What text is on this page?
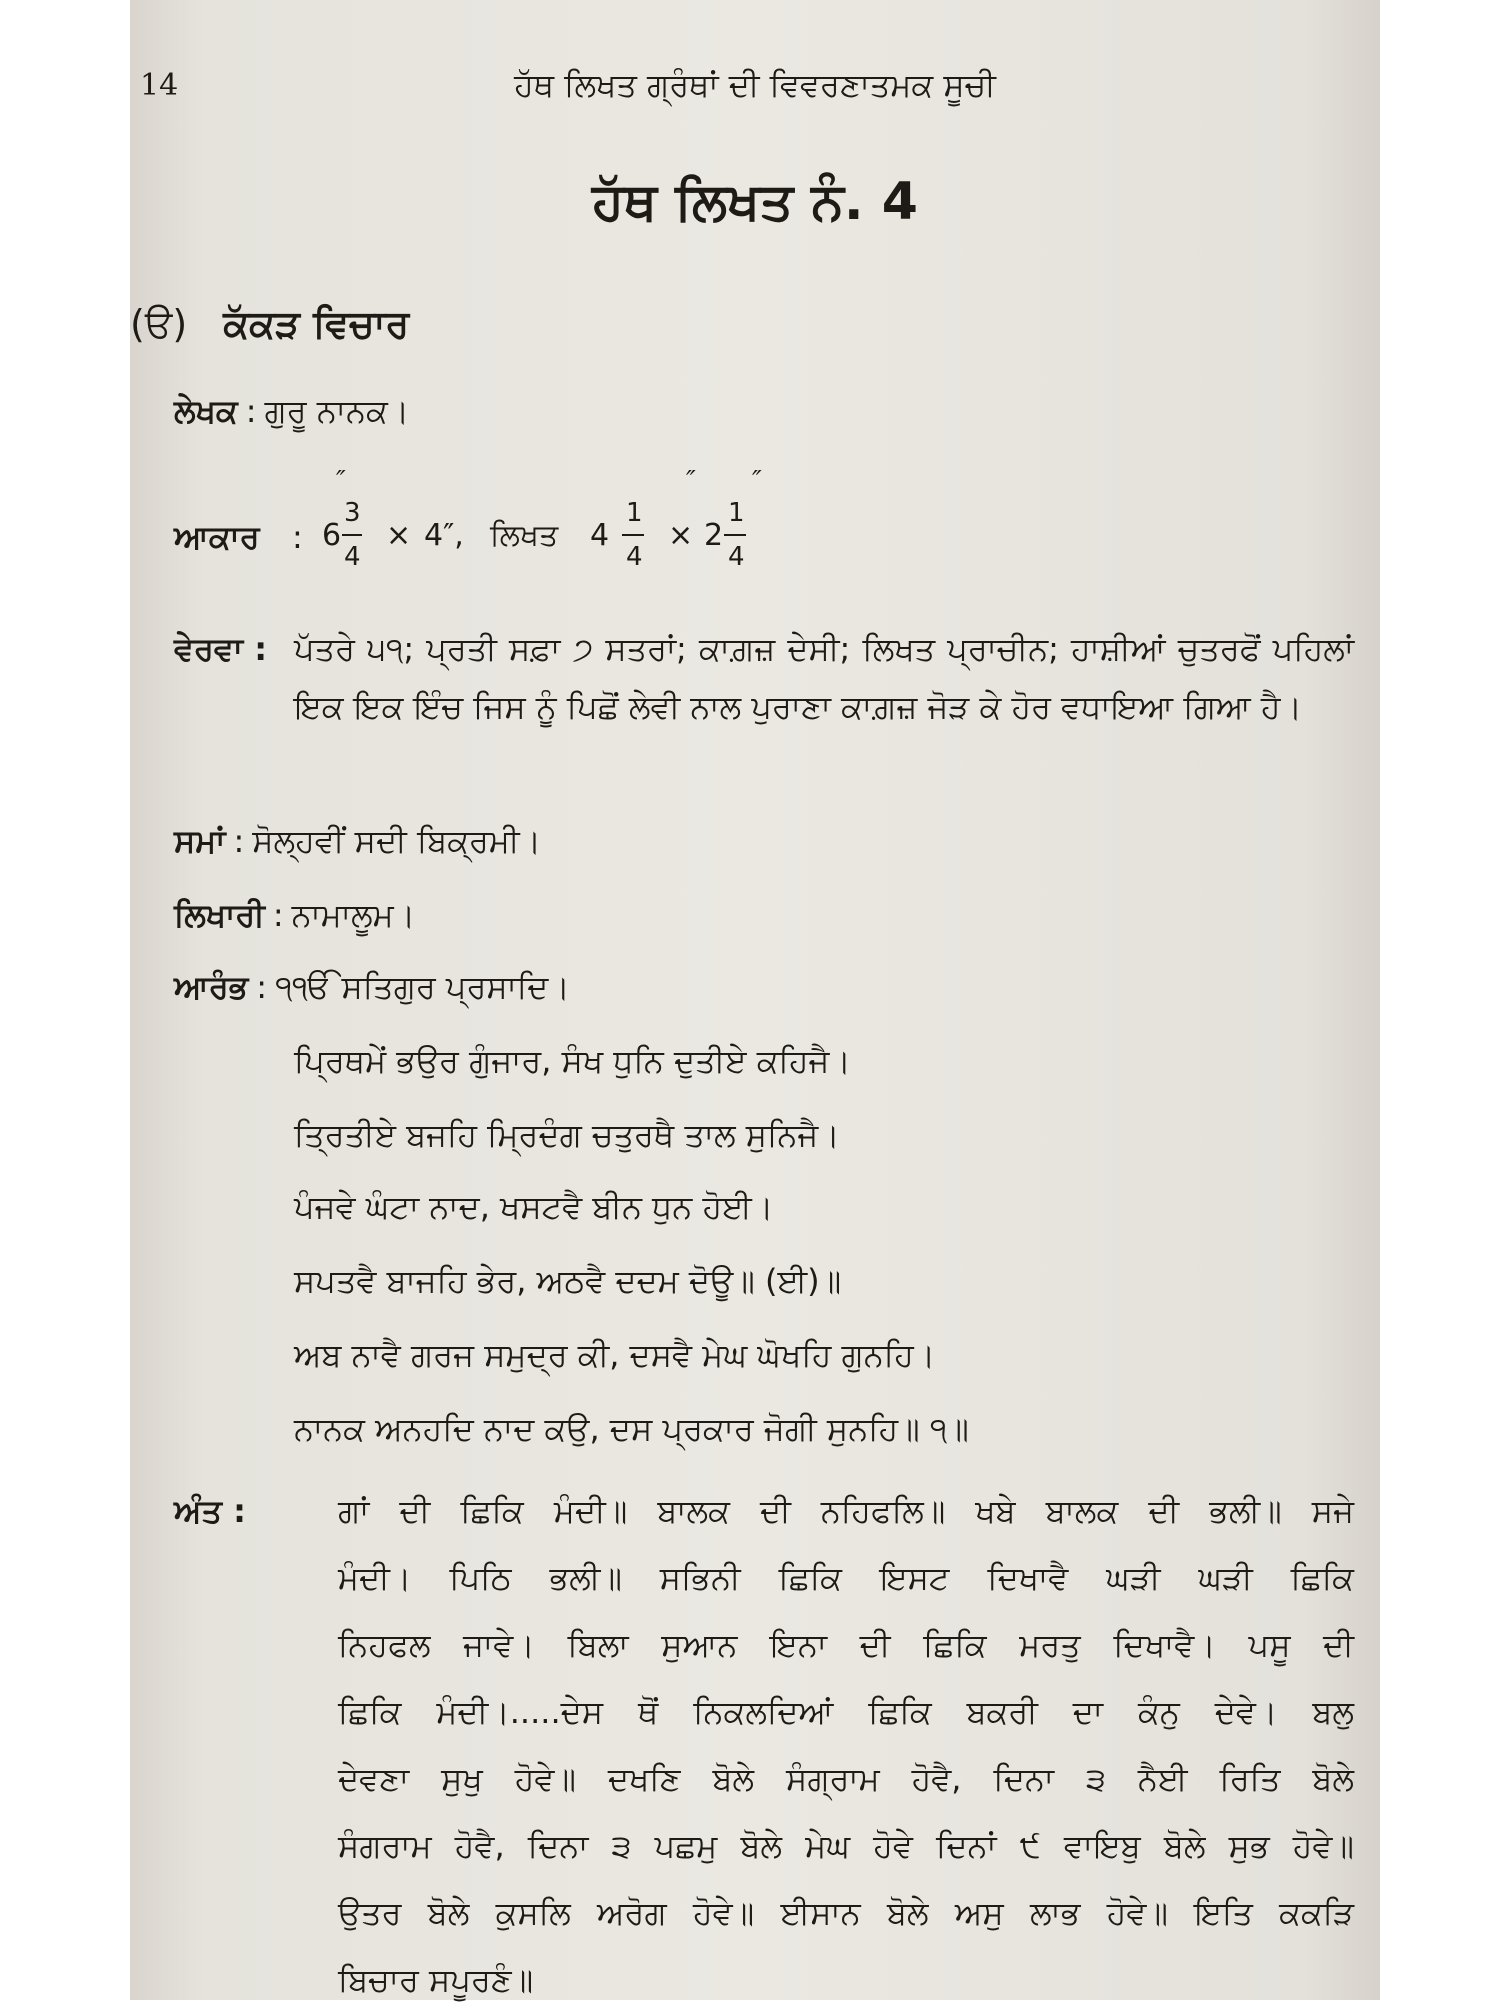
14	ਹੱਥ ਲਿਖਤ ਗ੍ਰੰਥਾਂ ਦੀ ਵਿਵਰਣਾਤਮਕ ਸੂਚੀ
ਹੱਥ ਲਿਖਤ ਨੰ. 4
(ੳ) ਕੱਕੜ ਵਿਚਾਰ
ਲੇਖਕ : ਗੁਰੂ ਨਾਨਕ।
ਆਕਾਰ : 6
3
4
″
× 4″, ਲਿਖਤ 4
1
4
″
× 2
1
4
″
ਵੇਰਵਾ : ਪੱਤਰੇ ੫੧; ਪ੍ਰਤੀ ਸਫ਼ਾ ੭ ਸਤਰਾਂ; ਕਾਗ਼ਜ਼ ਦੇਸੀ; ਲਿਖਤ ਪ੍ਰਾਚੀਨ; ਹਾਸ਼ੀਆਂ ਚੁਤਰਫੋਂ ਪਹਿਲਾਂ ਇਕ ਇਕ ਇੰਚ ਜਿਸ ਨੂੰ ਪਿਛੋਂ ਲੇਵੀ ਨਾਲ ਪੁਰਾਣਾ ਕਾਗ਼ਜ਼ ਜੋੜ ਕੇ ਹੋਰ ਵਧਾਇਆ ਗਿਆ ਹੈ।
ਸਮਾਂ : ਸੋਲ੍ਹਵੀਂ ਸਦੀ ਬਿਕ੍ਰਮੀ।
ਲਿਖਾਰੀ : ਨਾਮਾਲੂਮ।
ਆਰੰਭ : ੧ੴ ਸਤਿਗੁਰ ਪ੍ਰਸਾਦਿ।
ਪ੍ਰਿਥਮੇਂ ਭਉਰ ਗੁੰਜਾਰ, ਸੰਖ ਧੁਨਿ ਦੁਤੀਏ ਕਹਿਜੈ।
ਤ੍ਰਿਤੀਏ ਬਜਹਿ ਮ੍ਰਿਦੰਗ ਚਤੁਰਥੈ ਤਾਲ ਸੁਨਿਜੈ।
ਪੰਜਵੇ ਘੰਟਾ ਨਾਦ, ਖਸਟਵੈ ਬੀਨ ਧੁਨ ਹੋਈ।
ਸਪਤਵੈ ਬਾਜਹਿ ਭੇਰ, ਅਠਵੈ ਦਦਮ ਦੋਊ॥ (ਈ)॥
ਅਬ ਨਾਵੈ ਗਰਜ ਸਮੁਦ੍ਰ ਕੀ, ਦਸਵੈ ਮੇਘ ਘੋਖਹਿ ਗੁਨਹਿ।
ਨਾਨਕ ਅਨਹਦਿ ਨਾਦ ਕਉ, ਦਸ ਪ੍ਰਕਾਰ ਜੋਗੀ ਸੁਨਹਿ॥ ੧॥
ਅੰਤ :	ਗਾਂ ਦੀ ਛਿਕਿ ਮੰਦੀ॥ ਬਾਲਕ ਦੀ ਨਹਿਫਲਿ॥ ਖਬੇ ਬਾਲਕ ਦੀ ਭਲੀ॥ ਸਜੇ
ਮੰਦੀ। ਪਿਠਿ ਭਲੀ॥ ਸਭਿਨੀ ਛਿਕਿ ਇਸਟ ਦਿਖਾਵੈ ਘੜੀ ਘੜੀ ਛਿਕਿ
ਨਿਹਫਲ ਜਾਵੇ। ਬਿਲਾ ਸੁਆਨ ਇਨਾ ਦੀ ਛਿਕਿ ਮਰਤੁ ਦਿਖਾਵੈ। ਪਸੂ ਦੀ
ਛਿਕਿ ਮੰਦੀ।.....ਦੇਸ ਥੋਂ ਨਿਕਲਦਿਆਂ ਛਿਕਿ ਬਕਰੀ ਦਾ ਕੰਨੁ ਦੇਵੇ। ਬਲੁ
ਦੇਵਣਾ ਸੁਖੁ ਹੋਵੇ॥ ਦਖਣਿ ਬੋਲੇ ਸੰਗ੍ਰਾਮ ਹੋਵੈ, ਦਿਨਾ ੩ ਨੈਈ ਰਿਤਿ ਬੋਲੇ
ਸੰਗਰਾਮ ਹੋਵੈ, ਦਿਨਾ ੩ ਪਛਮੁ ਬੋਲੇ ਮੇਘ ਹੋਵੇ ਦਿਨਾਂ ੯ ਵਾਇਬੁ ਬੋਲੇ ਸੁਭ ਹੋਵੇ॥
ਉਤਰ ਬੋਲੇ ਕੁਸਲਿ ਅਰੋਗ ਹੋਵੇ॥ ਈਸਾਨ ਬੋਲੇ ਅਸੁ ਲਾਭ ਹੋਵੇ॥ ਇਤਿ ਕਕੜਿ
ਬਿਚਾਰ ਸਪੂਰਣੰ॥
